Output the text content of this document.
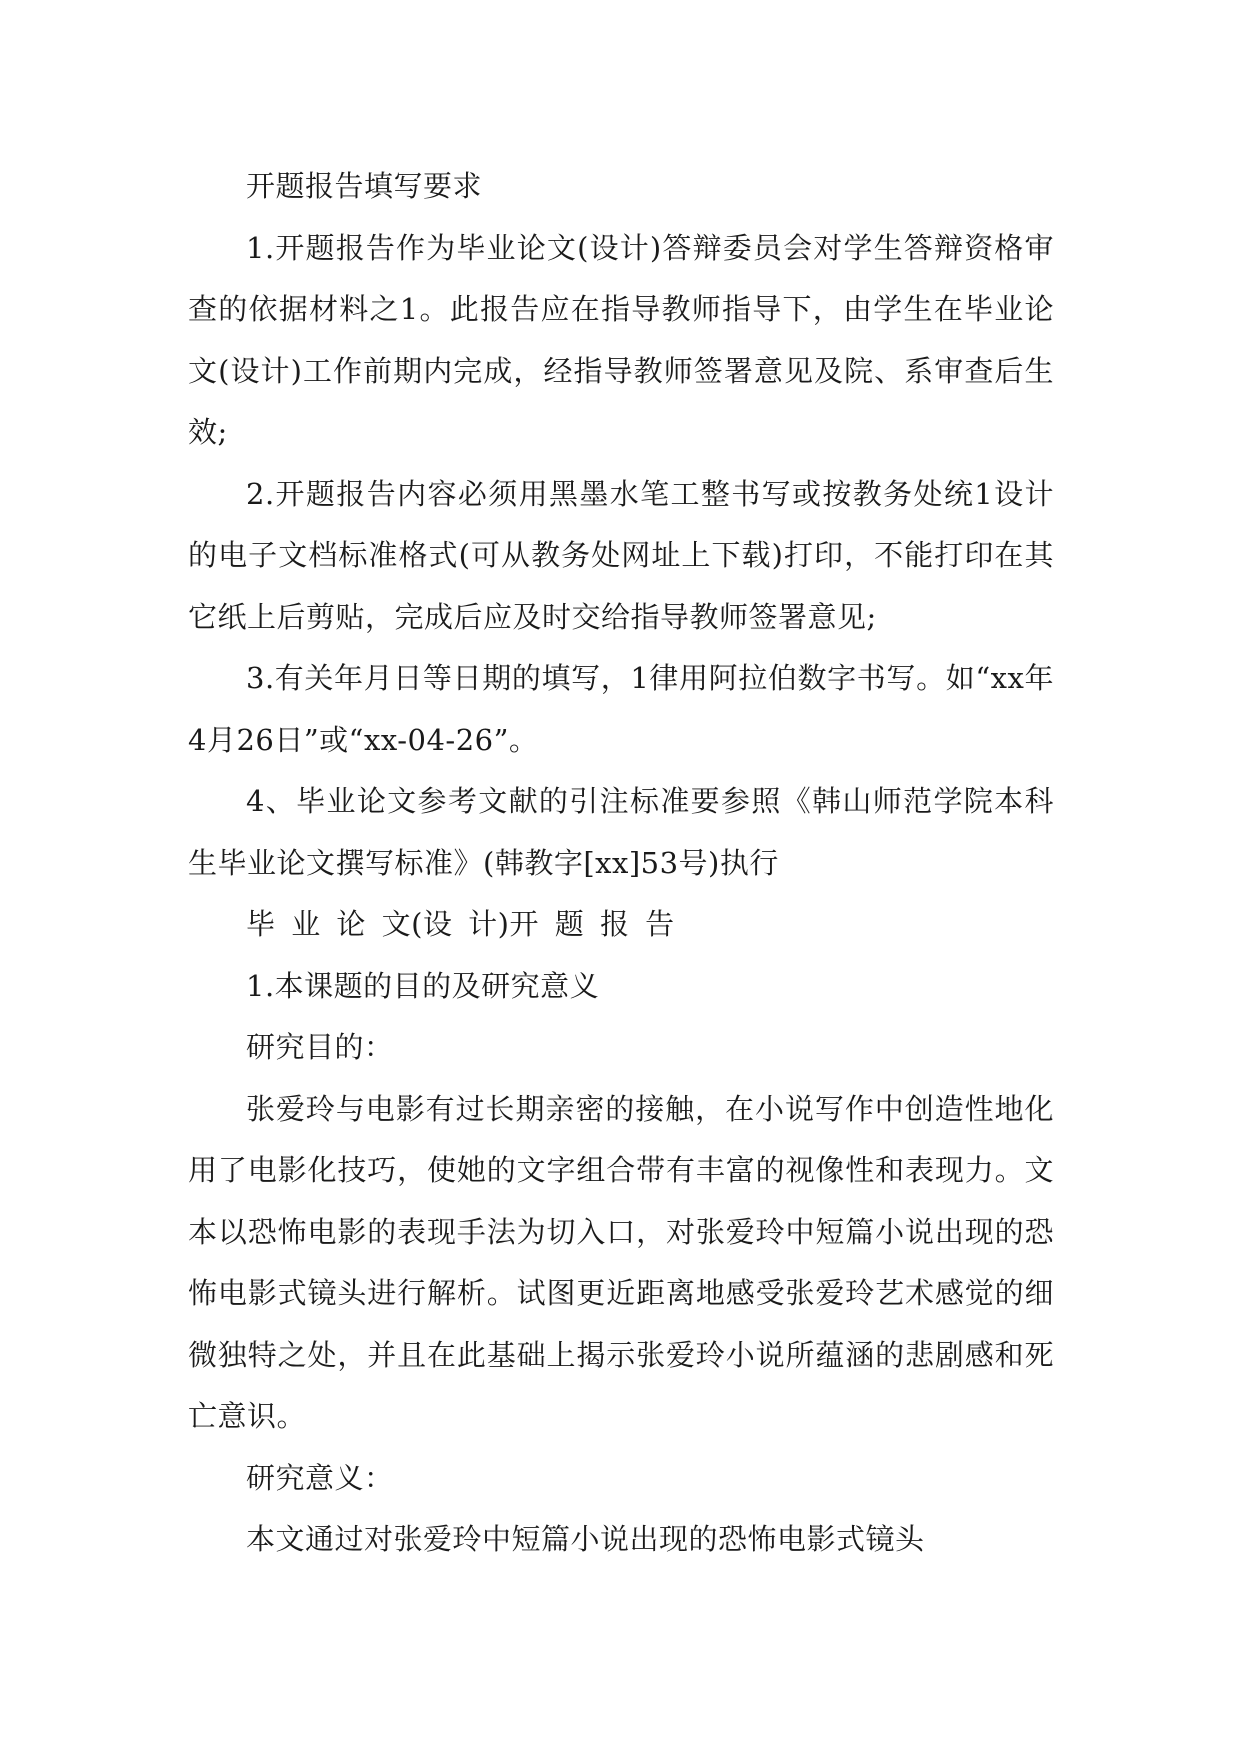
开题报告填写要求

1.开题报告作为毕业论文(设计)答辩委员会对学生答辩资格审查的依据材料之1。此报告应在指导教师指导下，由学生在毕业论文(设计)工作前期内完成，经指导教师签署意见及院、系审查后生效;

2.开题报告内容必须用黑墨水笔工整书写或按教务处统1设计的电子文档标准格式(可从教务处网址上下载)打印，不能打印在其它纸上后剪贴，完成后应及时交给指导教师签署意见;

3.有关年月日等日期的填写，1律用阿拉伯数字书写。如“xx年4月26日”或“xx-04-26”。

4、毕业论文参考文献的引注标准要参照《韩山师范学院本科生毕业论文撰写标准》(韩教字[xx]53号)执行

毕 业 论 文(设 计)开 题 报 告

1.本课题的目的及研究意义

研究目的：

张爱玲与电影有过长期亲密的接触，在小说写作中创造性地化用了电影化技巧，使她的文字组合带有丰富的视像性和表现力。文本以恐怖电影的表现手法为切入口，对张爱玲中短篇小说出现的恐怖电影式镜头进行解析。试图更近距离地感受张爱玲艺术感觉的细微独特之处，并且在此基础上揭示张爱玲小说所蕴涵的悲剧感和死亡意识。

研究意义：

本文通过对张爱玲中短篇小说出现的恐怖电影式镜头
